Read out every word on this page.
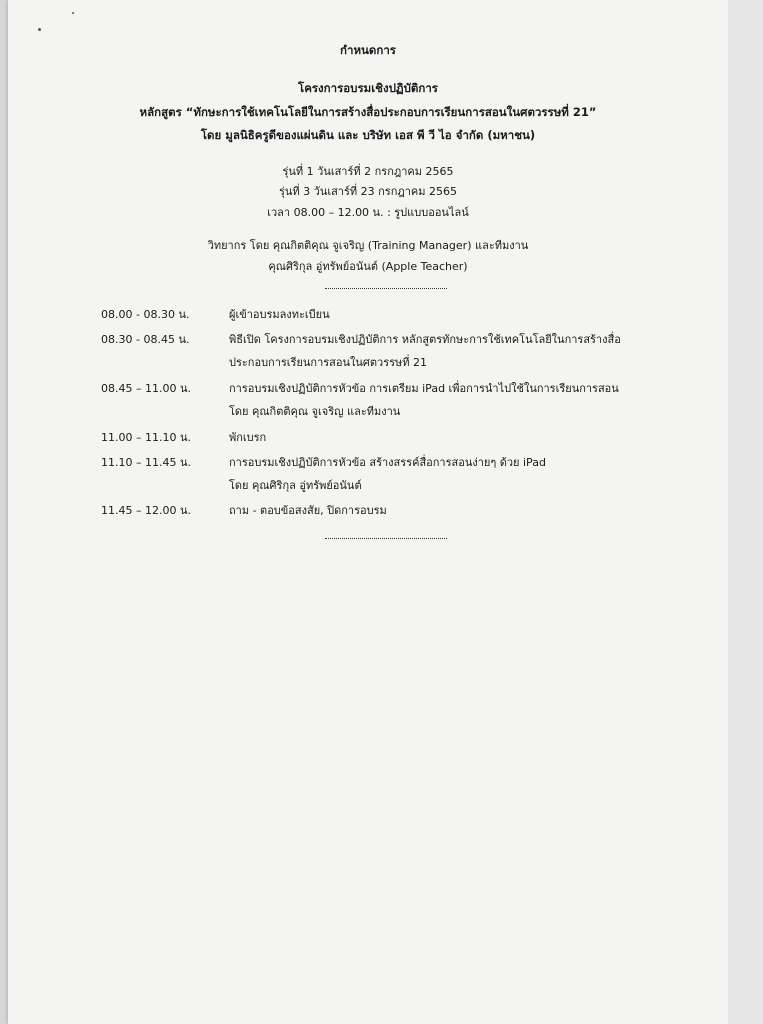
กำหนดการ
โครงการอบรมเชิงปฏิบัติการ
หลักสูตร “ทักษะการใช้เทคโนโลยีในการสร้างสื่อประกอบการเรียนการสอนในศตวรรษที่ 21”
โดย มูลนิธิครูดีของแผ่นดิน และ บริษัท เอส พี วี ไอ จำกัด (มหาชน)
รุ่นที่ 1 วันเสาร์ที่ 2 กรกฎาคม 2565
รุ่นที่ 3 วันเสาร์ที่ 23 กรกฎาคม 2565
เวลา 08.00 – 12.00 น. : รูปแบบออนไลน์
วิทยากร โดย คุณกิตติคุณ จูเจริญ (Training Manager) และทีมงาน
คุณศิริกุล อู่ทรัพย์อนันต์ (Apple Teacher)
08.00 - 08.30 น.	ผู้เข้าอบรมลงทะเบียน
08.30 - 08.45 น.	พิธีเปิด โครงการอบรมเชิงปฏิบัติการ หลักสูตรทักษะการใช้เทคโนโลยีในการสร้างสื่อ
ประกอบการเรียนการสอนในศตวรรษที่ 21
08.45 – 11.00 น.	การอบรมเชิงปฏิบัติการหัวข้อ การเตรียม iPad เพื่อการนำไปใช้ในการเรียนการสอน
โดย คุณกิตติคุณ จูเจริญ และทีมงาน
11.00 – 11.10 น.	พักเบรก
11.10 – 11.45 น.	การอบรมเชิงปฏิบัติการหัวข้อ สร้างสรรค์สื่อการสอนง่ายๆ ด้วย iPad
โดย คุณศิริกุล อู่ทรัพย์อนันต์
11.45 – 12.00 น.	ถาม - ตอบข้อสงสัย, ปิดการอบรม
